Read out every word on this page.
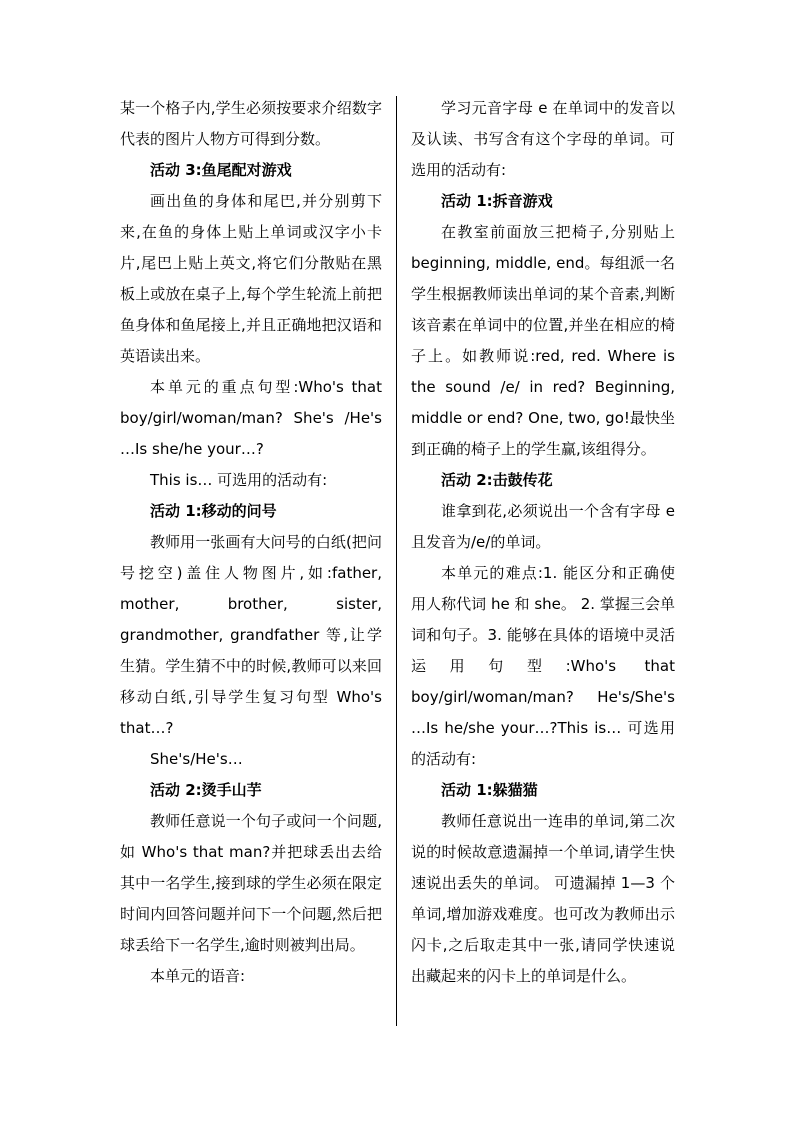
某一个格子内,学生必须按要求介绍数字代表的图片人物方可得到分数。

活动 3:鱼尾配对游戏

画出鱼的身体和尾巴,并分别剪下来,在鱼的身体上贴上单词或汉字小卡片,尾巴上贴上英文,将它们分散贴在黑板上或放在桌子上,每个学生轮流上前把鱼身体和鱼尾接上,并且正确地把汉语和英语读出来。

本单元的重点句型:Who's that boy/girl/woman/man? She's /He's …Is she/he your…?

This is… 可选用的活动有:

活动 1:移动的问号

教师用一张画有大问号的白纸(把问号挖空)盖住人物图片,如:father, mother, brother, sister, grandmother, grandfather 等,让学生猜。学生猜不中的时候,教师可以来回移动白纸,引导学生复习句型 Who's that…?

She's/He's…

活动 2:烫手山芋

教师任意说一个句子或问一个问题,如 Who's that man?并把球丢出去给其中一名学生,接到球的学生必须在限定时间内回答问题并问下一个问题,然后把球丢给下一名学生,逾时则被判出局。

本单元的语音:

学习元音字母 e 在单词中的发音以及认读、书写含有这个字母的单词。可选用的活动有:

活动 1:拆音游戏

在教室前面放三把椅子,分别贴上 beginning, middle, end。每组派一名学生根据教师读出单词的某个音素,判断该音素在单词中的位置,并坐在相应的椅子上。如教师说:red, red. Where is the sound /e/ in red? Beginning, middle or end? One, two, go!最快坐到正确的椅子上的学生赢,该组得分。

活动 2:击鼓传花

谁拿到花,必须说出一个含有字母 e 且发音为/e/的单词。

本单元的难点:1. 能区分和正确使用人称代词 he 和 she。 2. 掌握三会单词和句子。3. 能够在具体的语境中灵活运用句型:Who's that boy/girl/woman/man? He's/She's …Is he/she your…?This is… 可选用的活动有:

活动 1:躲猫猫

教师任意说出一连串的单词,第二次说的时候故意遗漏掉一个单词,请学生快速说出丢失的单词。 可遗漏掉 1—3 个单词,增加游戏难度。也可改为教师出示闪卡,之后取走其中一张,请同学快速说出藏起来的闪卡上的单词是什么。
